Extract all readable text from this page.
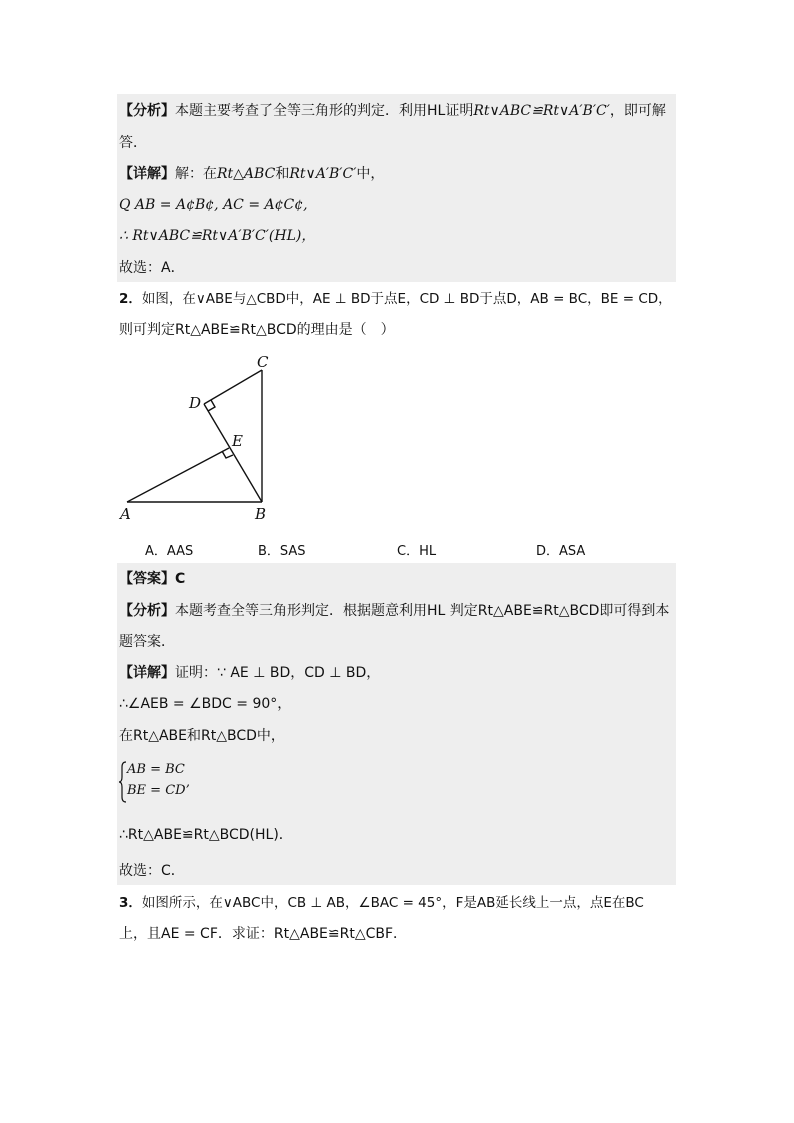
【分析】本题主要考查了全等三角形的判定．利用HL证明Rt∨ABC≌Rt∨A′B′C′，即可解
答．
【详解】解：在Rt△ABC和Rt∨A′B′C′中，
Q AB = A¢B¢, AC = A¢C¢,
∴ Rt∨ABC≌Rt∨A′B′C′(HL)，
故选：A．
2．如图，在∨ABE与△CBD中，AE ⊥ BD于点E，CD ⊥ BD于点D，AB = BC，BE = CD，
则可判定Rt△ABE≌Rt△BCD的理由是（　）
C
D
E
A	B
A．AAS	B．SAS	C．HL	D．ASA
【答案】C
【分析】本题考查全等三角形判定．根据题意利用HL 判定Rt△ABE≌Rt△BCD即可得到本
题答案．
【详解】证明：∵ AE ⊥ BD，CD ⊥ BD，
∴∠AEB = ∠BDC = 90°，
在Rt△ABE和Rt△BCD中，
AB = BC
BE = CD’
∴Rt△ABE≌Rt△BCD(HL)．
故选：C．
3．如图所示，在∨ABC中，CB ⊥ AB，∠BAC = 45°，F是AB延长线上一点，点E在BC
上，且AE = CF．求证：Rt△ABE≌Rt△CBF．
